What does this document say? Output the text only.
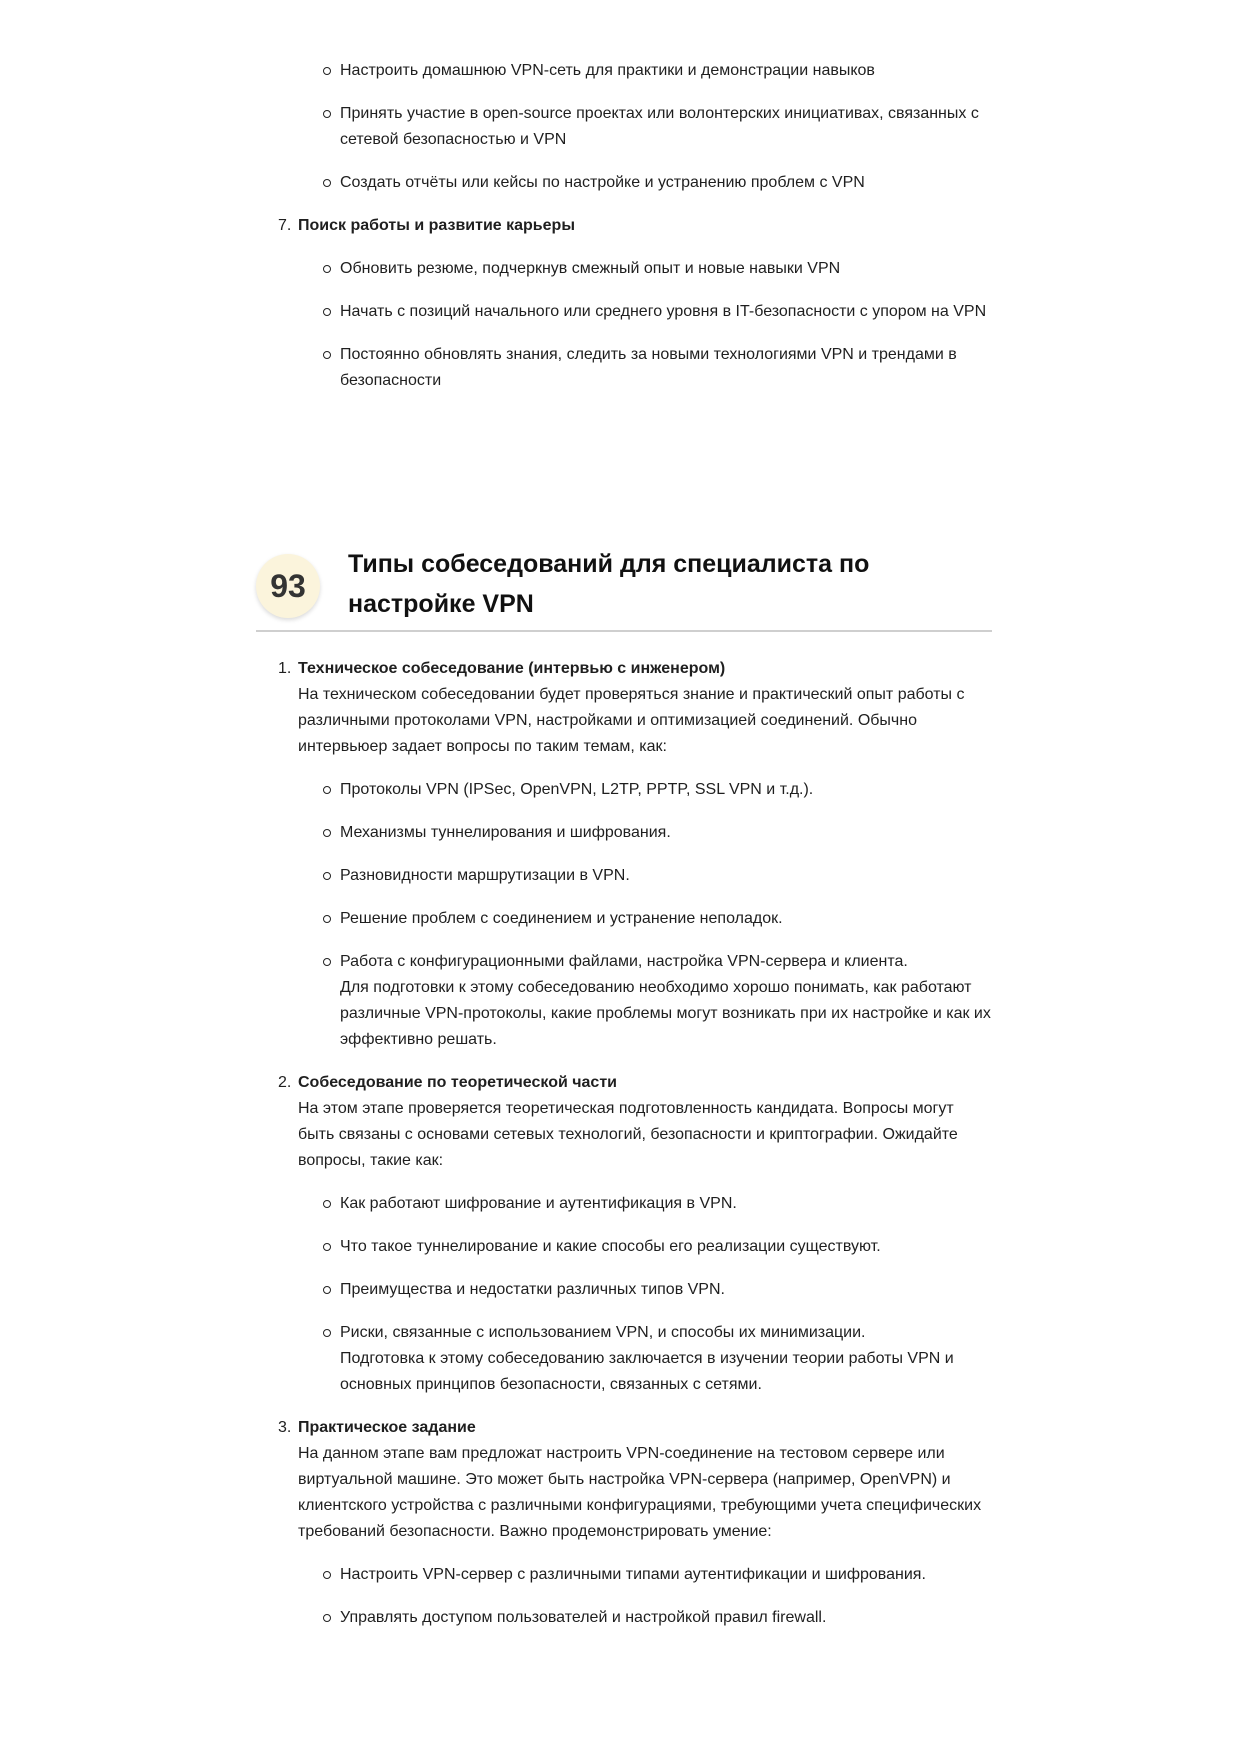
Настроить домашнюю VPN-сеть для практики и демонстрации навыков
Принять участие в open-source проектах или волонтерских инициативах, связанных с сетевой безопасностью и VPN
Создать отчёты или кейсы по настройке и устранению проблем с VPN
7. Поиск работы и развитие карьеры
Обновить резюме, подчеркнув смежный опыт и новые навыки VPN
Начать с позиций начального или среднего уровня в IT-безопасности с упором на VPN
Постоянно обновлять знания, следить за новыми технологиями VPN и трендами в безопасности
93
Типы собеседований для специалиста по настройке VPN
1. Техническое собеседование (интервью с инженером)

На техническом собеседовании будет проверяться знание и практический опыт работы с различными протоколами VPN, настройками и оптимизацией соединений. Обычно интервьюер задает вопросы по таким темам, как:

Протоколы VPN (IPSec, OpenVPN, L2TP, PPTP, SSL VPN и т.д.).
Механизмы туннелирования и шифрования.
Разновидности маршрутизации в VPN.
Решение проблем с соединением и устранение неполадок.
Работа с конфигурационными файлами, настройка VPN-сервера и клиента.
Для подготовки к этому собеседованию необходимо хорошо понимать, как работают различные VPN-протоколы, какие проблемы могут возникать при их настройке и как их эффективно решать.
2. Собеседование по теоретической части

На этом этапе проверяется теоретическая подготовленность кандидата. Вопросы могут быть связаны с основами сетевых технологий, безопасности и криптографии. Ожидайте вопросы, такие как:

Как работают шифрование и аутентификация в VPN.
Что такое туннелирование и какие способы его реализации существуют.
Преимущества и недостатки различных типов VPN.
Риски, связанные с использованием VPN, и способы их минимизации.
Подготовка к этому собеседованию заключается в изучении теории работы VPN и основных принципов безопасности, связанных с сетями.
3. Практическое задание

На данном этапе вам предложат настроить VPN-соединение на тестовом сервере или виртуальной машине. Это может быть настройка VPN-сервера (например, OpenVPN) и клиентского устройства с различными конфигурациями, требующими учета специфических требований безопасности. Важно продемонстрировать умение:

Настроить VPN-сервер с различными типами аутентификации и шифрования.
Управлять доступом пользователей и настройкой правил firewall.
